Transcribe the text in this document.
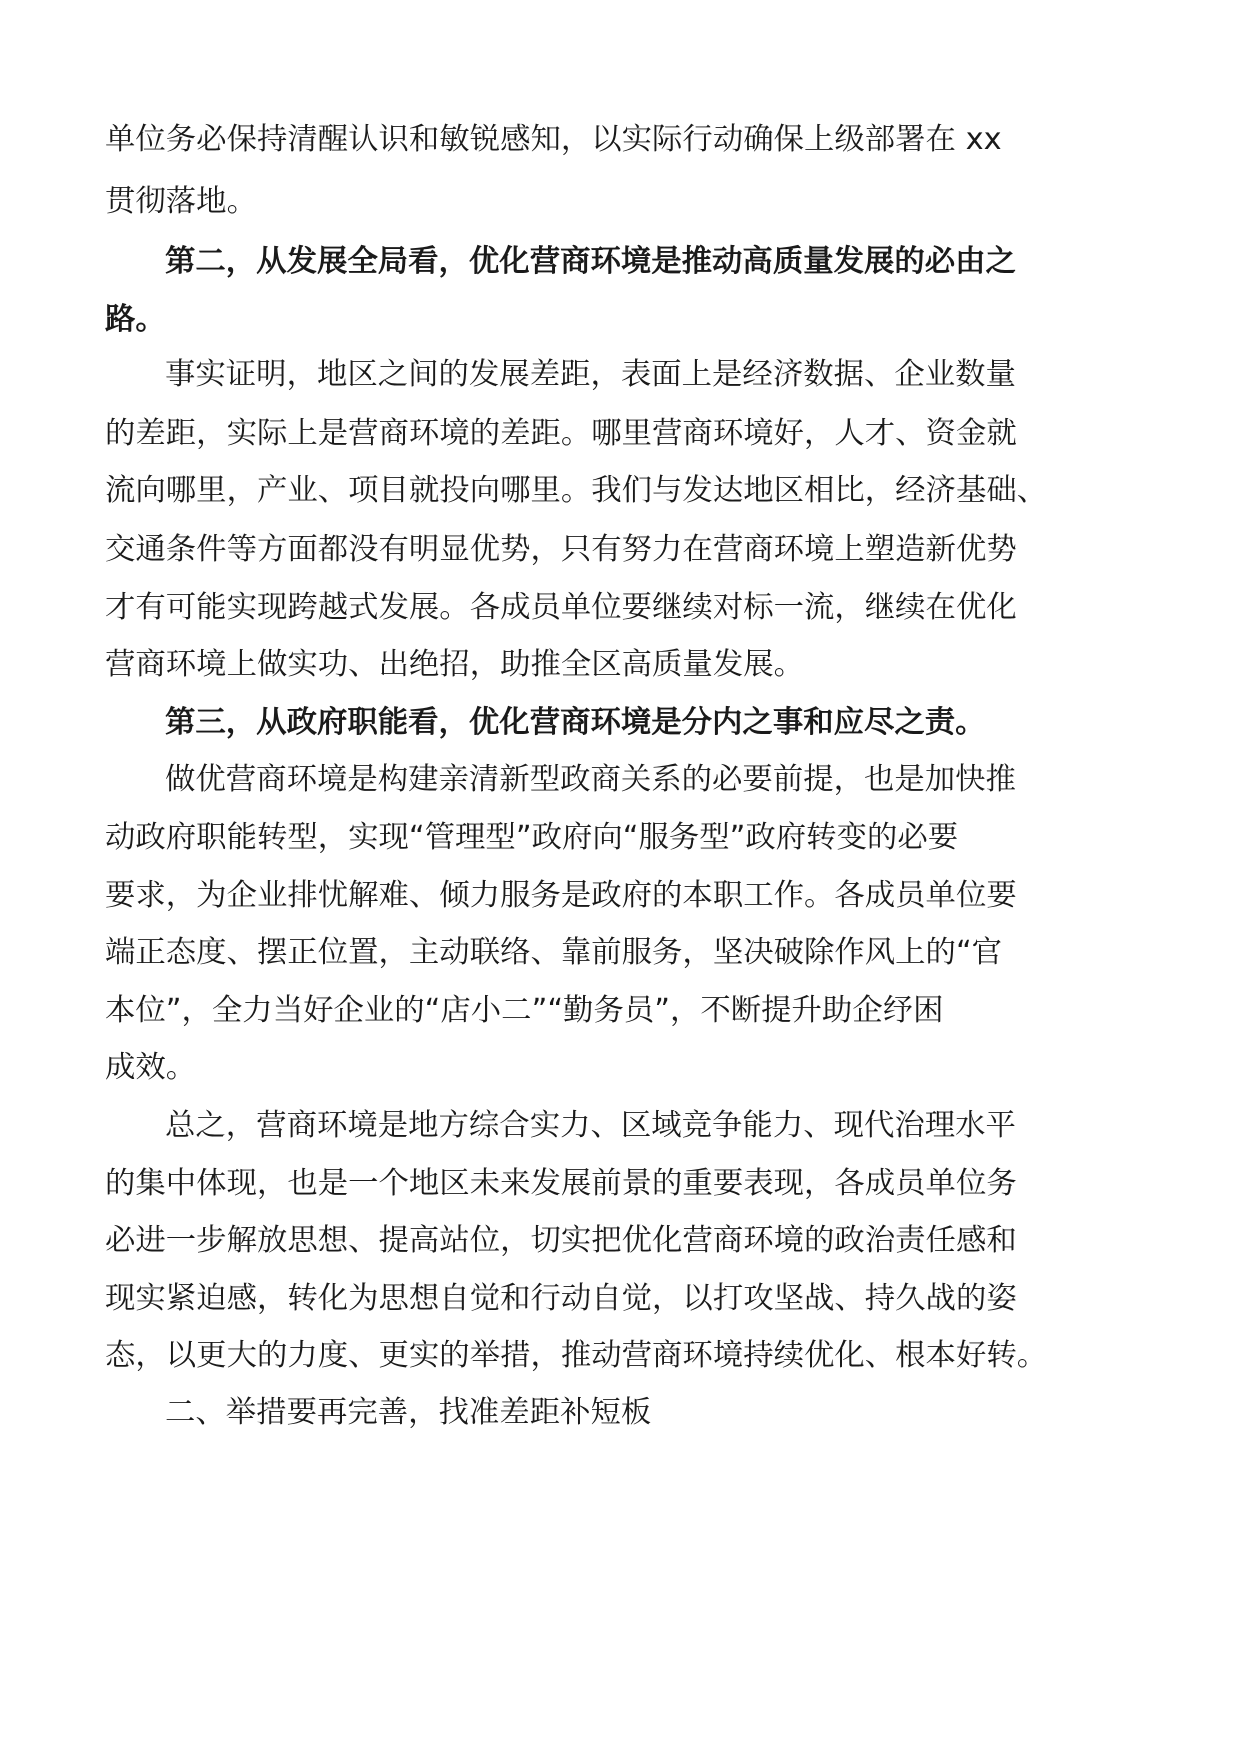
单位务必保持清醒认识和敏锐感知，以实际行动确保上级部署在 xx

贯彻落地。

第二，从发展全局看，优化营商环境是推动高质量发展的必由之

路。

事实证明，地区之间的发展差距，表面上是经济数据、企业数量

的差距，实际上是营商环境的差距。哪里营商环境好，人才、资金就

流向哪里，产业、项目就投向哪里。我们与发达地区相比，经济基础、

交通条件等方面都没有明显优势，只有努力在营商环境上塑造新优势

才有可能实现跨越式发展。各成员单位要继续对标一流，继续在优化

营商环境上做实功、出绝招，助推全区高质量发展。

第三，从政府职能看，优化营商环境是分内之事和应尽之责。

做优营商环境是构建亲清新型政商关系的必要前提，也是加快推

动政府职能转型，实现“管理型”政府向“服务型”政府转变的必要

要求，为企业排忧解难、倾力服务是政府的本职工作。各成员单位要

端正态度、摆正位置，主动联络、靠前服务，坚决破除作风上的“官

本位”，全力当好企业的“店小二”“勤务员”，不断提升助企纾困

成效。

总之，营商环境是地方综合实力、区域竞争能力、现代治理水平

的集中体现，也是一个地区未来发展前景的重要表现，各成员单位务

必进一步解放思想、提高站位，切实把优化营商环境的政治责任感和

现实紧迫感，转化为思想自觉和行动自觉，以打攻坚战、持久战的姿

态，以更大的力度、更实的举措，推动营商环境持续优化、根本好转。

二、举措要再完善，找准差距补短板
